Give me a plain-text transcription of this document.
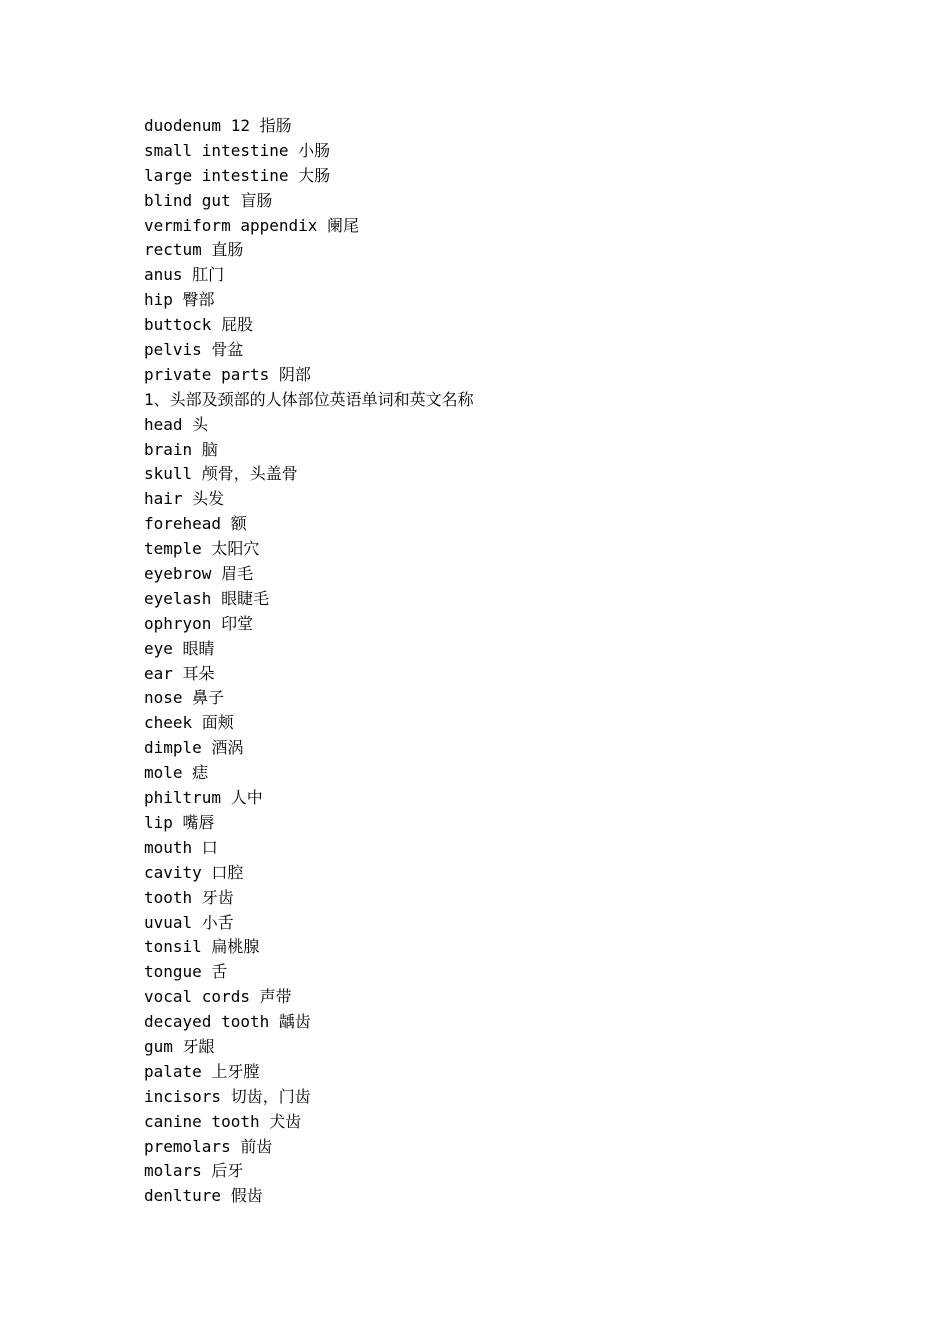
duodenum 12 指肠
small intestine 小肠
large intestine 大肠
blind gut 盲肠
vermiform appendix 阑尾
rectum 直肠
anus 肛门
hip 臀部
buttock 屁股
pelvis 骨盆
private parts 阴部
1、头部及颈部的人体部位英语单词和英文名称
head 头
brain 脑
skull 颅骨，头盖骨
hair 头发
forehead 额
temple 太阳穴
eyebrow 眉毛
eyelash 眼睫毛
ophryon 印堂
eye 眼睛
ear 耳朵
nose 鼻子
cheek 面颊
dimple 酒涡
mole 痣
philtrum 人中
lip 嘴唇
mouth 口
cavity 口腔
tooth 牙齿
uvual 小舌
tonsil 扁桃腺
tongue 舌
vocal cords 声带
decayed tooth 龋齿
gum 牙龈
palate 上牙膛
incisors 切齿，门齿
canine tooth 犬齿
premolars 前齿
molars 后牙
denlture 假齿
